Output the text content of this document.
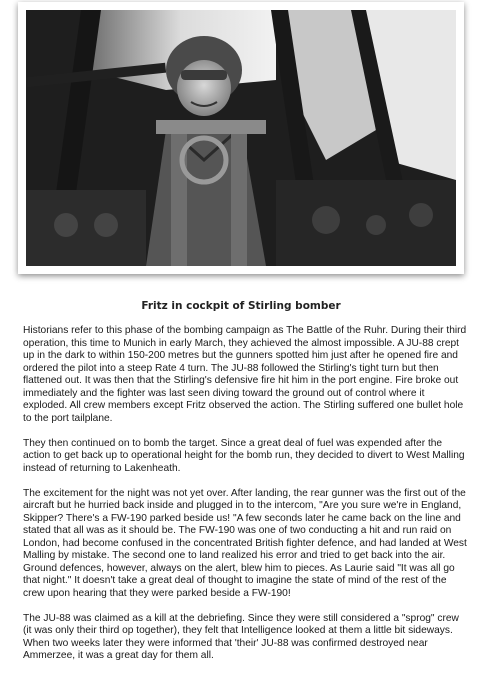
Fritz in cockpit of Stirling bomber

Historians refer to this phase of the bombing campaign as The Battle of the Ruhr. During their third operation, this time to Munich in early March, they achieved the almost impossible. A JU-88 crept up in the dark to within 150-200 metres but the gunners spotted him just after he opened fire and ordered the pilot into a steep Rate 4 turn. The JU-88 followed the Stirling's tight turn but then flattened out. It was then that the Stirling's defensive fire hit him in the port engine. Fire broke out immediately and the fighter was last seen diving toward the ground out of control where it exploded. All crew members except Fritz observed the action. The Stirling suffered one bullet hole to the port tailplane.

They then continued on to bomb the target. Since a great deal of fuel was expended after the action to get back up to operational height for the bomb run, they decided to divert to West Malling instead of returning to Lakenheath.

The excitement for the night was not yet over. After landing, the rear gunner was the first out of the aircraft but he hurried back inside and plugged in to the intercom, "Are you sure we're in England, Skipper? There's a FW-190 parked beside us! "A few seconds later he came back on the line and stated that all was as it should be. The FW-190 was one of two conducting a hit and run raid on London, had become confused in the concentrated British fighter defence, and had landed at West Malling by mistake. The second one to land realized his error and tried to get back into the air. Ground defences, however, always on the alert, blew him to pieces. As Laurie said "It was all go that night." It doesn't take a great deal of thought to imagine the state of mind of the rest of the crew upon hearing that they were parked beside a FW-190!

The JU-88 was claimed as a kill at the debriefing. Since they were still considered a "sprog" crew (it was only their third op together), they felt that Intelligence looked at them a little bit sideways. When two weeks later they were informed that 'their' JU-88 was confirmed destroyed near Ammerzee, it was a great day for them all.
